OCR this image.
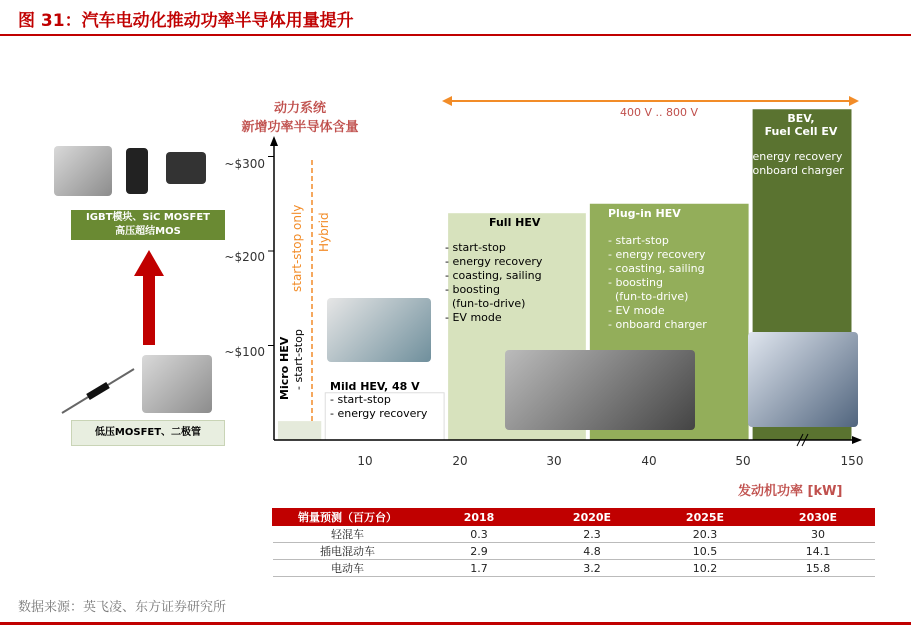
图 31：汽车电动化推动功率半导体用量提升
IGBT模块、SiC MOSFET
高压超结MOS
低压MOSFET、二极管
动力系统
新增功率半导体含量
400 V .. 800 V
~$300
~$200
~$100
10	20	30	40	50	150
发动机功率 [kW]
start-stop only Hybrid
Micro HEV - start-stop Mild HEV, 48 V
- start-stop
- energy recovery
Full HEV
- start-stop
- energy recovery
- coasting, sailing
- boosting
(fun-to-drive)
- EV mode
Plug-in HEV
- start-stop
- energy recovery
- coasting, sailing
- boosting
(fun-to-drive)
- EV mode
- onboard charger
BEV,
Fuel Cell EV
- energy recovery
- onboard charger
销量预测（百万台）	2018	2020E	2025E	2030E
轻混车	0.3	2.3	20.3	30
插电混动车	2.9	4.8	10.5	14.1
电动车	1.7	3.2	10.2	15.8
数据来源：英飞凌、东方证券研究所
